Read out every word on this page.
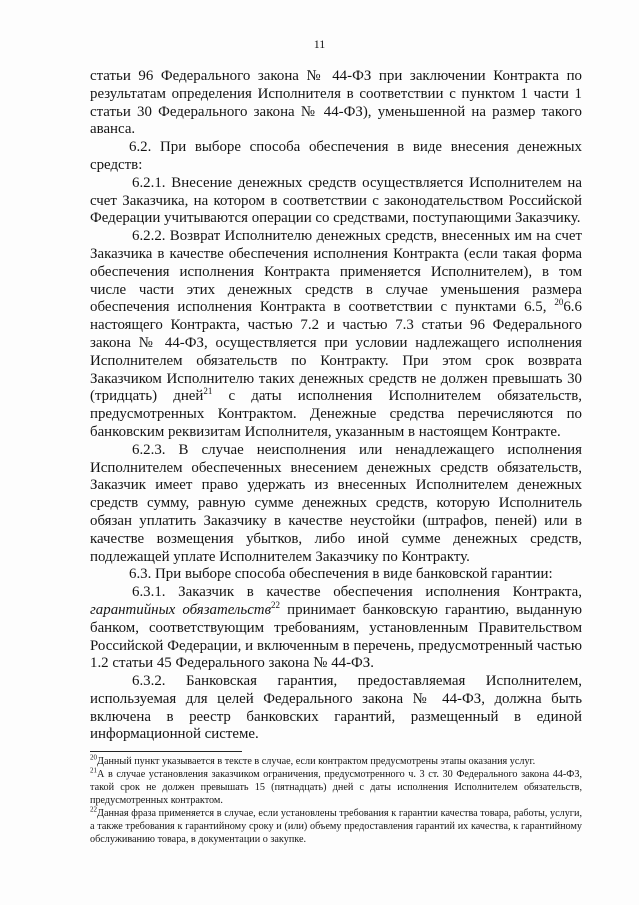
11

статьи 96 Федерального закона № 44-ФЗ при заключении Контракта по результатам определения Исполнителя в соответствии с пунктом 1 части 1 статьи 30 Федерального закона № 44-ФЗ), уменьшенной на размер такого аванса.

6.2. При выборе способа обеспечения в виде внесения денежных средств:

6.2.1. Внесение денежных средств осуществляется Исполнителем на счет Заказчика, на котором в соответствии с законодательством Российской Федерации учитываются операции со средствами, поступающими Заказчику.

6.2.2. Возврат Исполнителю денежных средств, внесенных им на счет Заказчика в качестве обеспечения исполнения Контракта (если такая форма обеспечения исполнения Контракта применяется Исполнителем), в том числе части этих денежных средств в случае уменьшения размера обеспечения исполнения Контракта в соответствии с пунктами 6.5, $^{20}$6.6 настоящего Контракта, частью 7.2 и частью 7.3 статьи 96 Федерального закона № 44-ФЗ, осуществляется при условии надлежащего исполнения Исполнителем обязательств по Контракту. При этом срок возврата Заказчиком Исполнителю таких денежных средств не должен превышать 30 (тридцать) дней$^{21}$ с даты исполнения Исполнителем обязательств, предусмотренных Контрактом. Денежные средства перечисляются по банковским реквизитам Исполнителя, указанным в настоящем Контракте.

6.2.3. В случае неисполнения или ненадлежащего исполнения Исполнителем обеспеченных внесением денежных средств обязательств, Заказчик имеет право удержать из внесенных Исполнителем денежных средств сумму, равную сумме денежных средств, которую Исполнитель обязан уплатить Заказчику в качестве неустойки (штрафов, пеней) или в качестве возмещения убытков, либо иной сумме денежных средств, подлежащей уплате Исполнителем Заказчику по Контракту.

6.3. При выборе способа обеспечения в виде банковской гарантии:

6.3.1. Заказчик в качестве обеспечения исполнения Контракта, гарантийных обязательств$^{22}$ принимает банковскую гарантию, выданную банком, соответствующим требованиям, установленным Правительством Российской Федерации, и включенным в перечень, предусмотренный частью 1.2 статьи 45 Федерального закона № 44-ФЗ.

6.3.2. Банковская гарантия, предоставляемая Исполнителем, используемая для целей Федерального закона № 44-ФЗ, должна быть включена в реестр банковских гарантий, размещенный в единой информационной системе.

$^{20}$Данный пункт указывается в тексте в случае, если контрактом предусмотрены этапы оказания услуг.

$^{21}$А в случае установления заказчиком ограничения, предусмотренного ч. 3 ст. 30 Федерального закона 44-ФЗ, такой срок не должен превышать 15 (пятнадцать) дней с даты исполнения Исполнителем обязательств, предусмотренных контрактом.

$^{22}$Данная фраза применяется в случае, если установлены требования к гарантии качества товара, работы, услуги, а также требования к гарантийному сроку и (или) объему предоставления гарантий их качества, к гарантийному обслуживанию товара, в документации о закупке.
